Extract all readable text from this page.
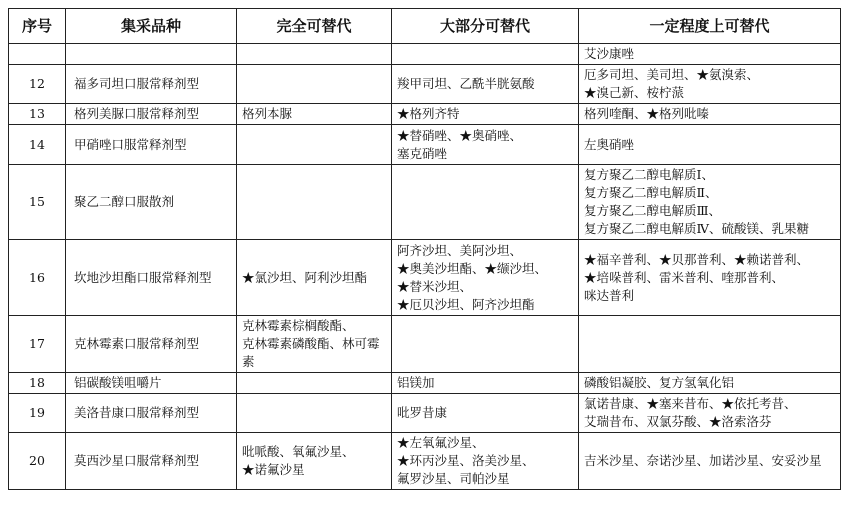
序号	集采品种	完全可替代	大部分可替代	一定程度上可替代

				艾沙康唑

12	福多司坦口服常释剂型		羧甲司坦、乙酰半胱氨酸	厄多司坦、美司坦、★氨溴索、
★溴己新、桉柠蒎

13	格列美脲口服常释剂型	格列本脲	★格列齐特	格列喹酮、★格列吡嗪

14	甲硝唑口服常释剂型		★替硝唑、★奥硝唑、
塞克硝唑	左奥硝唑

15	聚乙二醇口服散剂			复方聚乙二醇电解质Ⅰ、
复方聚乙二醇电解质Ⅱ、
复方聚乙二醇电解质Ⅲ、
复方聚乙二醇电解质Ⅳ、硫酸镁、乳果糖

16	坎地沙坦酯口服常释剂型	★氯沙坦、阿利沙坦酯	阿齐沙坦、美阿沙坦、
★奥美沙坦酯、★缬沙坦、
★替米沙坦、
★厄贝沙坦、阿齐沙坦酯	★福辛普利、★贝那普利、★赖诺普利、
★培哚普利、雷米普利、喹那普利、
咪达普利

17	克林霉素口服常释剂型	克林霉素棕榈酸酯、
克林霉素磷酸酯、林可霉
素		

18	铝碳酸镁咀嚼片		铝镁加	磷酸铝凝胶、复方氢氧化铝

19	美洛昔康口服常释剂型		吡罗昔康	氯诺昔康、★塞来昔布、★依托考昔、
艾瑞昔布、双氯芬酸、★洛索洛芬

20	莫西沙星口服常释剂型	吡哌酸、氧氟沙星、
★诺氟沙星	★左氧氟沙星、
★环丙沙星、洛美沙星、
氟罗沙星、司帕沙星	吉米沙星、奈诺沙星、加诺沙星、安妥沙星
